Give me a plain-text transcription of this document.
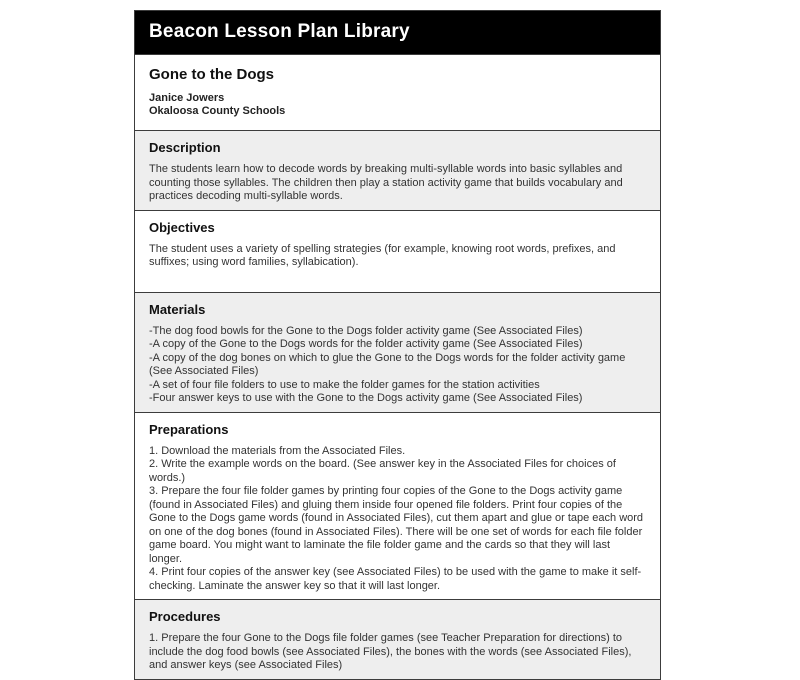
Beacon Lesson Plan Library
Gone to the Dogs
Janice Jowers
Okaloosa County Schools
Description
The students learn how to decode words by breaking multi-syllable words into basic syllables and counting those syllables. The children then play a station activity game that builds vocabulary and practices decoding multi-syllable words.
Objectives
The student uses a variety of spelling strategies (for example, knowing root words, prefixes, and suffixes; using word families, syllabication).
Materials
-The dog food bowls for the Gone to the Dogs folder activity game (See Associated Files)
-A copy of the Gone to the Dogs words for the folder activity game (See Associated Files)
-A copy of the dog bones on which to glue the Gone to the Dogs words for the folder activity game (See Associated Files)
-A set of four file folders to use to make the folder games for the station activities
-Four answer keys to use with the Gone to the Dogs activity game (See Associated Files)
Preparations
1. Download the materials from the Associated Files.
2. Write the example words on the board. (See answer key in the Associated Files for choices of words.)
3. Prepare the four file folder games by printing four copies of the Gone to the Dogs activity game (found in Associated Files) and gluing them inside four opened file folders. Print four copies of the Gone to the Dogs game words (found in Associated Files), cut them apart and glue or tape each word on one of the dog bones (found in Associated Files). There will be one set of words for each file folder game board. You might want to laminate the file folder game and the cards so that they will last longer.
4. Print four copies of the answer key (see Associated Files) to be used with the game to make it self-checking. Laminate the answer key so that it will last longer.
Procedures
1. Prepare the four Gone to the Dogs file folder games (see Teacher Preparation for directions) to include the dog food bowls (see Associated Files), the bones with the words (see Associated Files), and answer keys (see Associated Files)
